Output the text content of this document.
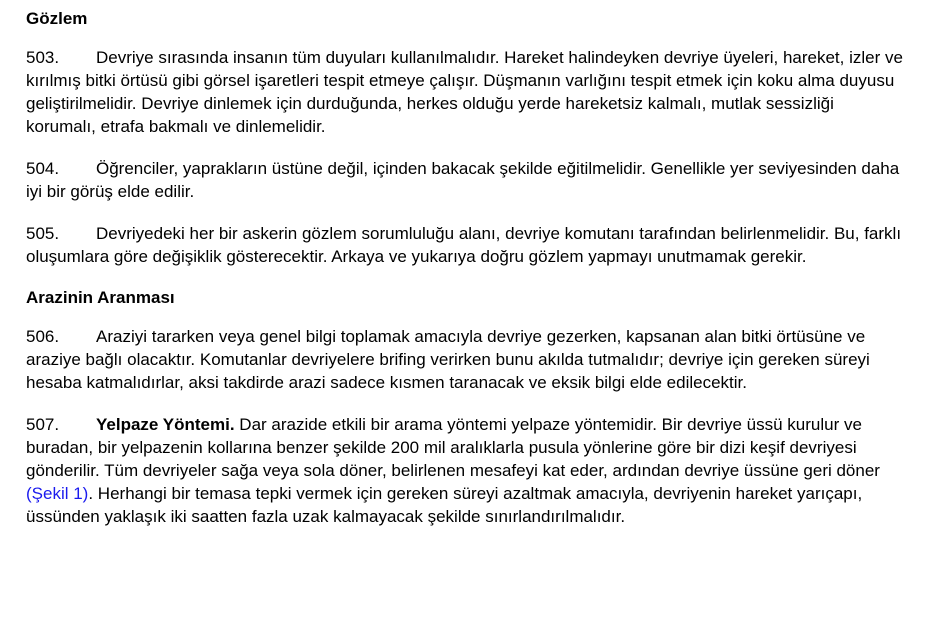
Gözlem
503. Devriye sırasında insanın tüm duyuları kullanılmalıdır. Hareket halindeyken devriye üyeleri, hareket, izler ve kırılmış bitki örtüsü gibi görsel işaretleri tespit etmeye çalışır. Düşmanın varlığını tespit etmek için koku alma duyusu geliştirilmelidir. Devriye dinlemek için durduğunda, herkes olduğu yerde hareketsiz kalmalı, mutlak sessizliği korumalı, etrafa bakmalı ve dinlemelidir.
504. Öğrenciler, yaprakların üstüne değil, içinden bakacak şekilde eğitilmelidir. Genellikle yer seviyesinden daha iyi bir görüş elde edilir.
505. Devriyedeki her bir askerin gözlem sorumluluğu alanı, devriye komutanı tarafından belirlenmelidir. Bu, farklı oluşumlara göre değişiklik gösterecektir. Arkaya ve yukarıya doğru gözlem yapmayı unutmamak gerekir.
Arazinin Aranması
506. Araziyi tararken veya genel bilgi toplamak amacıyla devriye gezerken, kapsanan alan bitki örtüsüne ve araziye bağlı olacaktır. Komutanlar devriyelere brifing verirken bunu akılda tutmalıdır; devriye için gereken süreyi hesaba katmalıdırlar, aksi takdirde arazi sadece kısmen taranacak ve eksik bilgi elde edilecektir.
507. Yelpaze Yöntemi. Dar arazide etkili bir arama yöntemi yelpaze yöntemidir. Bir devriye üssü kurulur ve buradan, bir yelpazenin kollarına benzer şekilde 200 mil aralıklarla pusula yönlerine göre bir dizi keşif devriyesi gönderilir. Tüm devriyeler sağa veya sola döner, belirlenen mesafeyi kat eder, ardından devriye üssüne geri döner (Şekil 1). Herhangi bir temasa tepki vermek için gereken süreyi azaltmak amacıyla, devriyenin hareket yarıçapı, üssünden yaklaşık iki saatten fazla uzak kalmayacak şekilde sınırlandırılmalıdır.
